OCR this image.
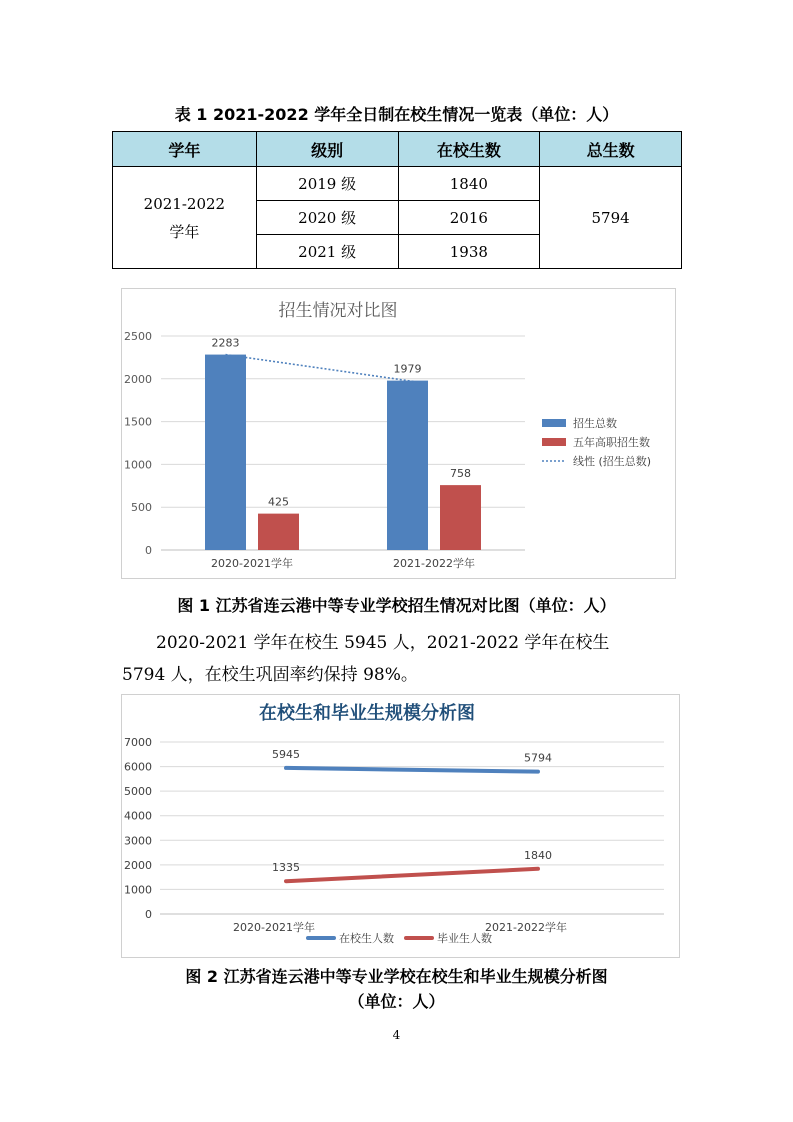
表 1 2021-2022 学年全日制在校生情况一览表（单位：人）
学年	级别	在校生数	总生数

2021-2022
学年	2019 级	1840	5794
	2020 级	2016	
	2021 级	1938	
招生情况对比图
0
500
1000
1500
2000
2500
2020-2021学年
2283
425
2021-2022学年
1979
758
招生总数
五年高职招生数
线性 (招生总数)
图 1 江苏省连云港中等专业学校招生情况对比图（单位：人）

2020-2021 学年在校生 5945 人，2021-2022 学年在校生

5794 人，在校生巩固率约保持 98%。

在校生和毕业生规模分析图
0
1000
2000
3000
4000
5000
6000
7000
2020-2021学年	2021-2022学年
5945	5794
1335
1840
在校生人数	毕业生人数
图 2 江苏省连云港中等专业学校在校生和毕业生规模分析图
（单位：人）
4
